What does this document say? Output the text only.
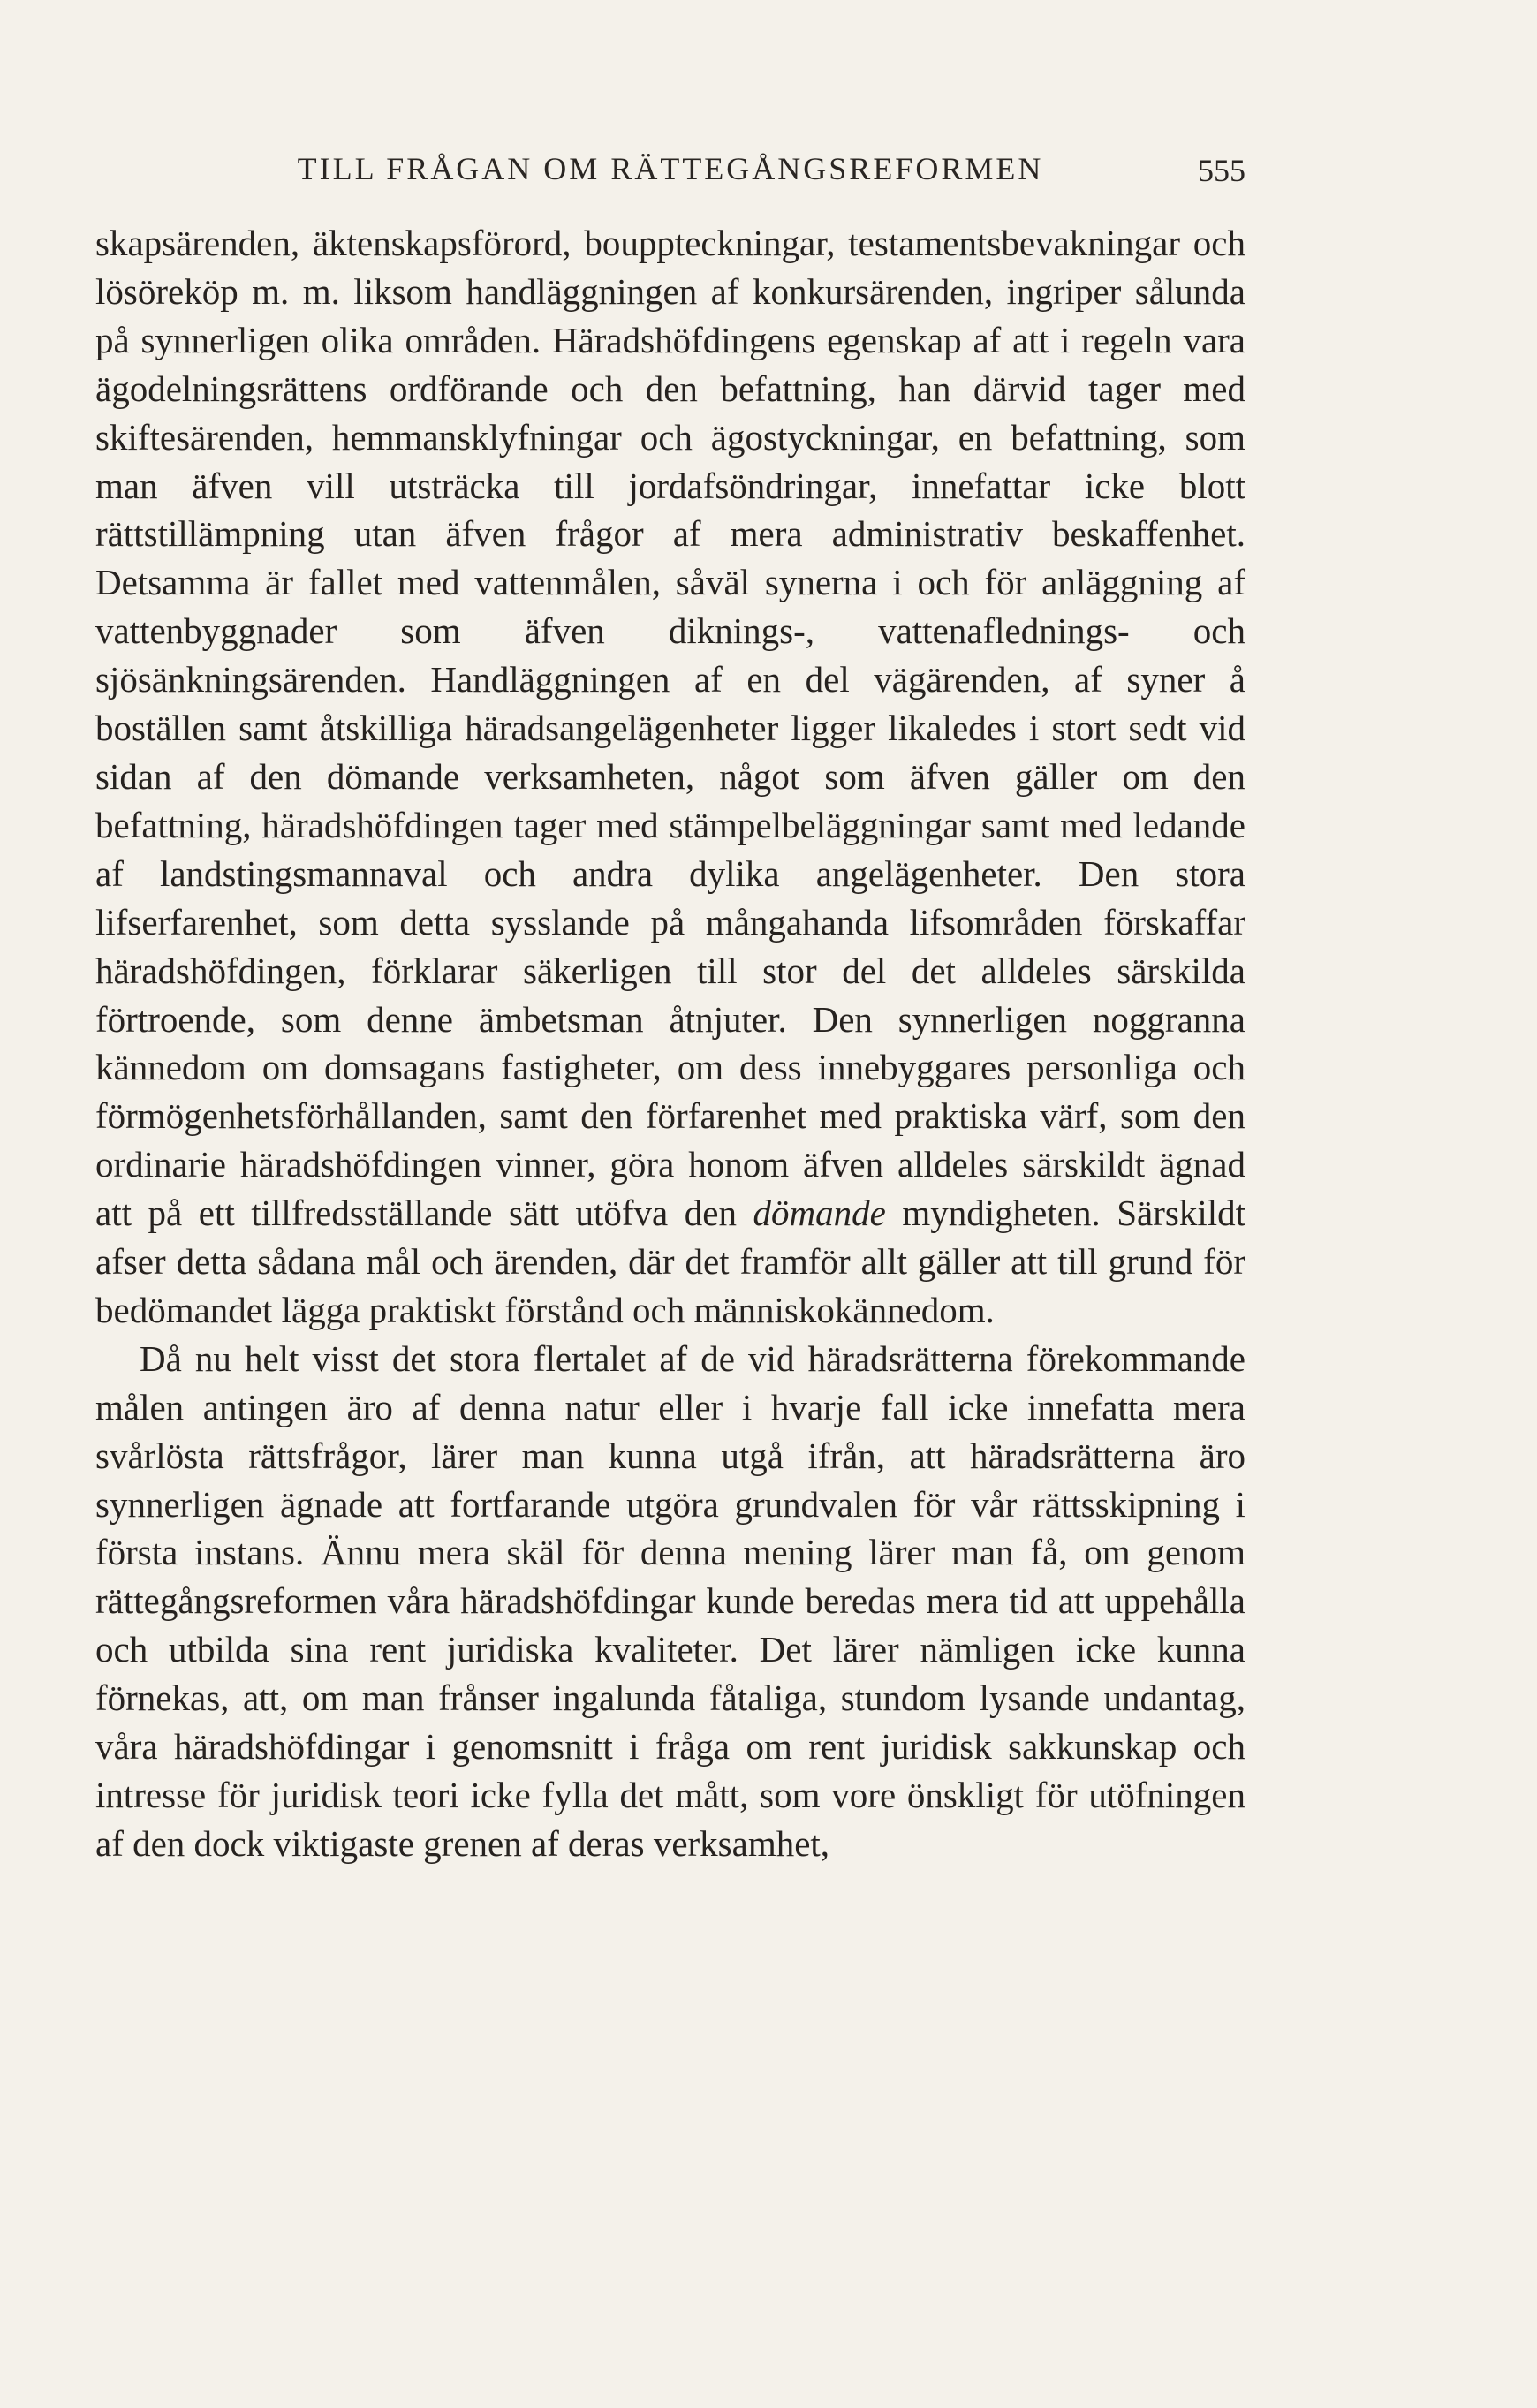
TILL FRÅGAN OM RÄTTEGÅNGSREFORMEN	555

skapsärenden, äktenskapsförord, bouppteckningar, testamentsbevakningar och lösöreköp m. m. liksom handläggningen af konkursärenden, ingriper sålunda på synnerligen olika områden. Häradshöfdingens egenskap af att i regeln vara ägodelningsrättens ordförande och den befattning, han därvid tager med skiftesärenden, hemmansklyfningar och ägostyckningar, en befattning, som man äfven vill utsträcka till jordafsöndringar, innefattar icke blott rättstillämpning utan äfven frågor af mera administrativ beskaffenhet. Detsamma är fallet med vattenmålen, såväl synerna i och för anläggning af vattenbyggnader som äfven diknings-, vattenaflednings- och sjösänkningsärenden. Handläggningen af en del vägärenden, af syner å boställen samt åtskilliga häradsangelägenheter ligger likaledes i stort sedt vid sidan af den dömande verksamheten, något som äfven gäller om den befattning, häradshöfdingen tager med stämpelbeläggningar samt med ledande af landstingsmannaval och andra dylika angelägenheter. Den stora lifserfarenhet, som detta sysslande på mångahanda lifsområden förskaffar häradshöfdingen, förklarar säkerligen till stor del det alldeles särskilda förtroende, som denne ämbetsman åtnjuter. Den synnerligen noggranna kännedom om domsagans fastigheter, om dess innebyggares personliga och förmögenhetsförhållanden, samt den förfarenhet med praktiska värf, som den ordinarie häradshöfdingen vinner, göra honom äfven alldeles särskildt ägnad att på ett tillfredsställande sätt utöfva den dömande myndigheten. Särskildt afser detta sådana mål och ärenden, där det framför allt gäller att till grund för bedömandet lägga praktiskt förstånd och människokännedom.

Då nu helt visst det stora flertalet af de vid häradsrätterna förekommande målen antingen äro af denna natur eller i hvarje fall icke innefatta mera svårlösta rättsfrågor, lärer man kunna utgå ifrån, att häradsrätterna äro synnerligen ägnade att fortfarande utgöra grundvalen för vår rättsskipning i första instans. Ännu mera skäl för denna mening lärer man få, om genom rättegångsreformen våra häradshöfdingar kunde beredas mera tid att uppehålla och utbilda sina rent juridiska kvaliteter. Det lärer nämligen icke kunna förnekas, att, om man frånser ingalunda fåtaliga, stundom lysande undantag, våra häradshöfdingar i genomsnitt i fråga om rent juridisk sakkunskap och intresse för juridisk teori icke fylla det mått, som vore önskligt för utöfningen af den dock viktigaste grenen af deras verksamhet,
